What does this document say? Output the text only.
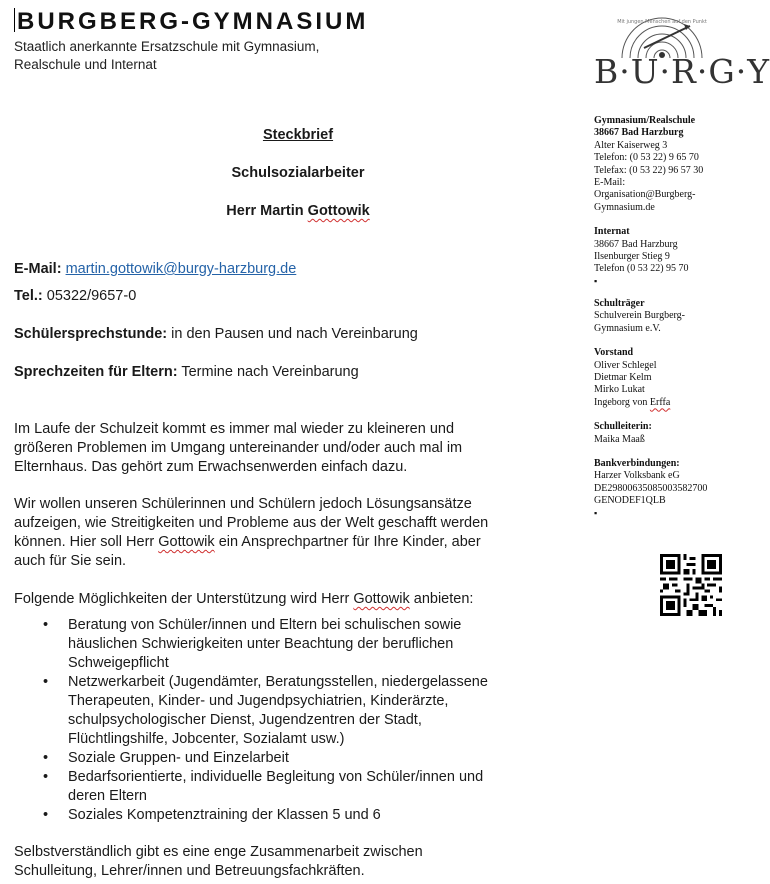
BURGBERG-GYMNASIUM
Staatlich anerkannte Ersatzschule mit Gymnasium,
Realschule und Internat
Mit jungen Menschen auf den Punkt
B·U·R·G·Y
Steckbrief
Schulsozialarbeiter
Herr Martin Gottowik
E-Mail: martin.gottowik@burgy-harzburg.de
Tel.: 05322/9657-0
Schülersprechstunde: in den Pausen und nach Vereinbarung
Sprechzeiten für Eltern: Termine nach Vereinbarung

Im Laufe der Schulzeit kommt es immer mal wieder zu kleineren und

größeren Problemen im Umgang untereinander und/oder auch mal im

Elternhaus. Das gehört zum Erwachsenwerden einfach dazu.

Wir wollen unseren Schülerinnen und Schülern jedoch Lösungsansätze

aufzeigen, wie Streitigkeiten und Probleme aus der Welt geschafft werden

können. Hier soll Herr Gottowik ein Ansprechpartner für Ihre Kinder, aber

auch für Sie sein.

Folgende Möglichkeiten der Unterstützung wird Herr Gottowik anbieten:
• Beratung von Schüler/innen und Eltern bei schulischen sowie
häuslichen Schwierigkeiten unter Beachtung der beruflichen
Schweigepflicht
• Netzwerkarbeit (Jugendämter, Beratungsstellen, niedergelassene
Therapeuten, Kinder- und Jugendpsychiatrien, Kinderärzte,
schulpsychologischer Dienst, Jugendzentren der Stadt,
Flüchtlingshilfe, Jobcenter, Sozialamt usw.)
• Soziale Gruppen- und Einzelarbeit
• Bedarfsorientierte, individuelle Begleitung von Schüler/innen und
deren Eltern
• Soziales Kompetenztraining der Klassen 5 und 6

Selbstverständlich gibt es eine enge Zusammenarbeit zwischen

Schulleitung, Lehrer/innen und Betreuungsfachkräften.

Gymnasium/Realschule
38667 Bad Harzburg
Alter Kaiserweg 3
Telefon: (0 53 22) 9 65 70
Telefax: (0 53 22) 96 57 30
E-Mail:
Organisation@Burgberg-
Gymnasium.de
Internat
38667 Bad Harzburg
Ilsenburger Stieg 9
Telefon (0 53 22) 95 70
▪
Schulträger
Schulverein Burgberg-
Gymnasium e.V.
Vorstand
Oliver Schlegel
Dietmar Kelm
Mirko Lukat
Ingeborg von Erffa
Schulleiterin:
Maika Maaß
Bankverbindungen:
Harzer Volksbank eG
DE29800635085003582700
GENODEF1QLB
▪
